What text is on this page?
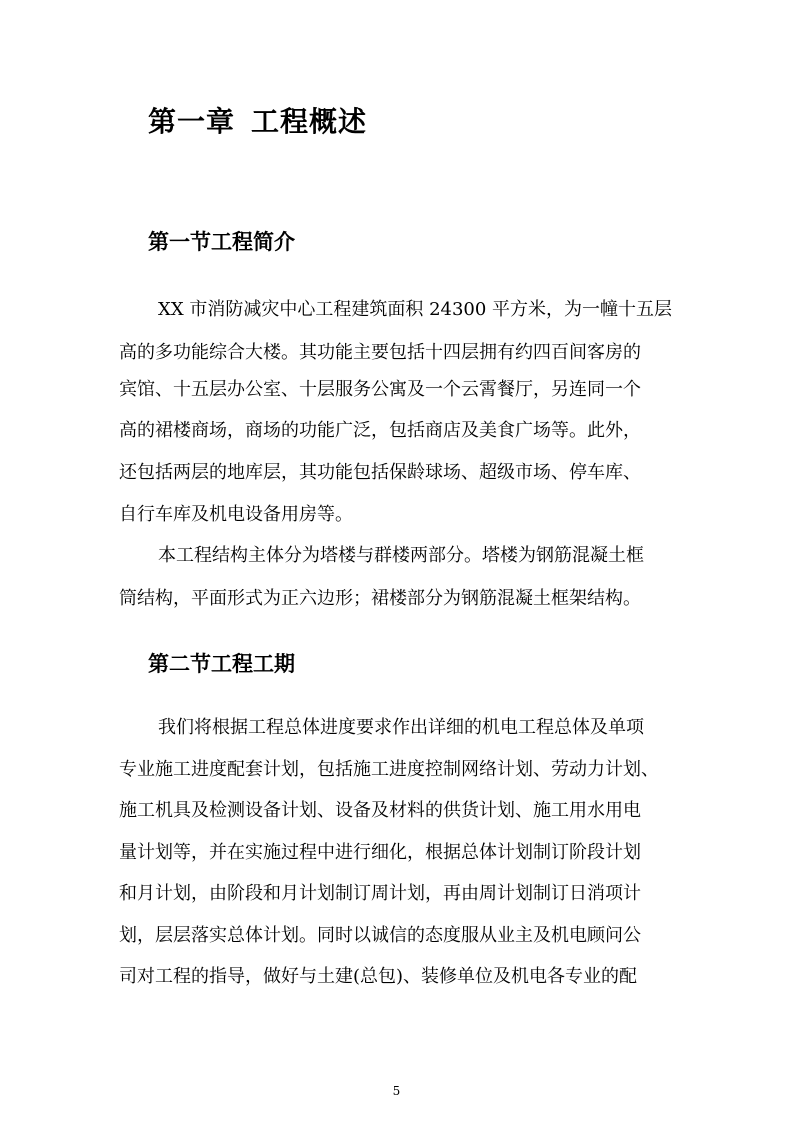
第一章 工程概述
第一节工程简介

XX 市消防减灾中心工程建筑面积 24300 平方米，为一幢十五层

高的多功能综合大楼。其功能主要包括十四层拥有约四百间客房的

宾馆、十五层办公室、十层服务公寓及一个云霄餐厅，另连同一个

高的裙楼商场，商场的功能广泛，包括商店及美食广场等。此外，

还包括两层的地库层，其功能包括保龄球场、超级市场、停车库、

自行车库及机电设备用房等。

本工程结构主体分为塔楼与群楼两部分。塔楼为钢筋混凝土框

筒结构，平面形式为正六边形；裙楼部分为钢筋混凝土框架结构。

第二节工程工期

我们将根据工程总体进度要求作出详细的机电工程总体及单项

专业施工进度配套计划，包括施工进度控制网络计划、劳动力计划、

施工机具及检测设备计划、设备及材料的供货计划、施工用水用电

量计划等，并在实施过程中进行细化，根据总体计划制订阶段计划

和月计划，由阶段和月计划制订周计划，再由周计划制订日消项计

划，层层落实总体计划。同时以诚信的态度服从业主及机电顾问公

司对工程的指导，做好与土建(总包)、装修单位及机电各专业的配

5
